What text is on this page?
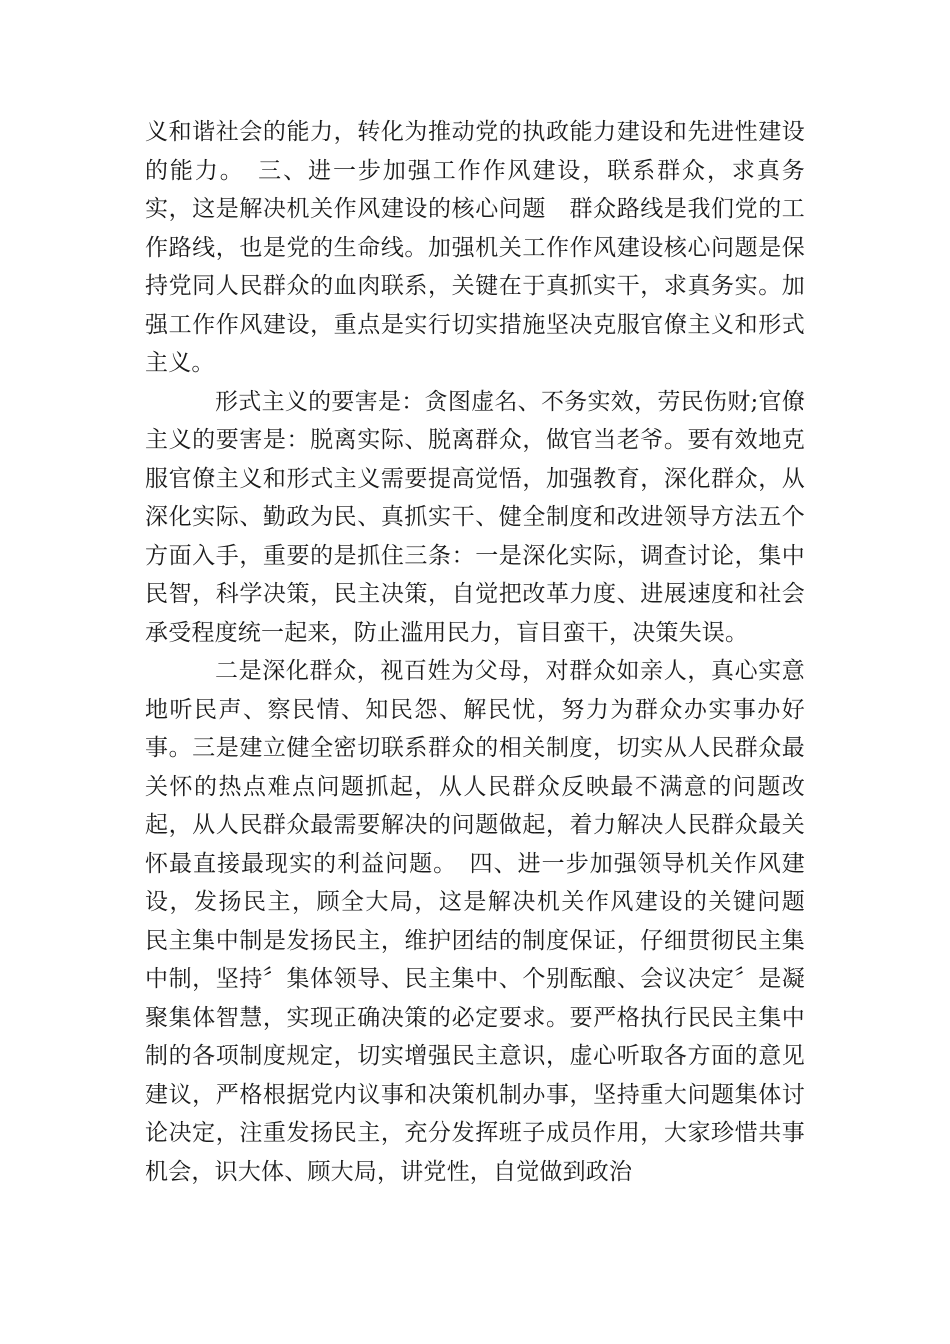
义和谐社会的能力，转化为推动党的执政能力建设和先进性建设的能力。　三、进一步加强工作作风建设，联系群众，求真务实，这是解决机关作风建设的核心问题　群众路线是我们党的工作路线，也是党的生命线。加强机关工作作风建设核心问题是保持党同人民群众的血肉联系，关键在于真抓实干，求真务实。加强工作作风建设，重点是实行切实措施坚决克服官僚主义和形式主义。

形式主义的要害是：贪图虚名、不务实效，劳民伤财;官僚主义的要害是：脱离实际、脱离群众，做官当老爷。要有效地克服官僚主义和形式主义需要提高觉悟，加强教育，深化群众，从深化实际、勤政为民、真抓实干、健全制度和改进领导方法五个方面入手，重要的是抓住三条：一是深化实际，调查讨论，集中民智，科学决策，民主决策，自觉把改革力度、进展速度和社会承受程度统一起来，防止滥用民力，盲目蛮干，决策失误。

二是深化群众，视百姓为父母，对群众如亲人，真心实意地听民声、察民情、知民怨、解民忧，努力为群众办实事办好事。三是建立健全密切联系群众的相关制度，切实从人民群众最关怀的热点难点问题抓起，从人民群众反映最不满意的问题改起，从人民群众最需要解决的问题做起，着力解决人民群众最关怀最直接最现实的利益问题。　四、进一步加强领导机关作风建设，发扬民主，顾全大局，这是解决机关作风建设的关键问题　民主集中制是发扬民主，维护团结的制度保证，仔细贯彻民主集中制，坚持〞集体领导、民主集中、个别酝酿、会议决定〞是凝聚集体智慧，实现正确决策的必定要求。要严格执行民民主集中制的各项制度规定，切实增强民主意识，虚心听取各方面的意见建议，严格根据党内议事和决策机制办事，坚持重大问题集体讨论决定，注重发扬民主，充分发挥班子成员作用，大家珍惜共事机会，识大体、顾大局，讲党性，自觉做到政治
